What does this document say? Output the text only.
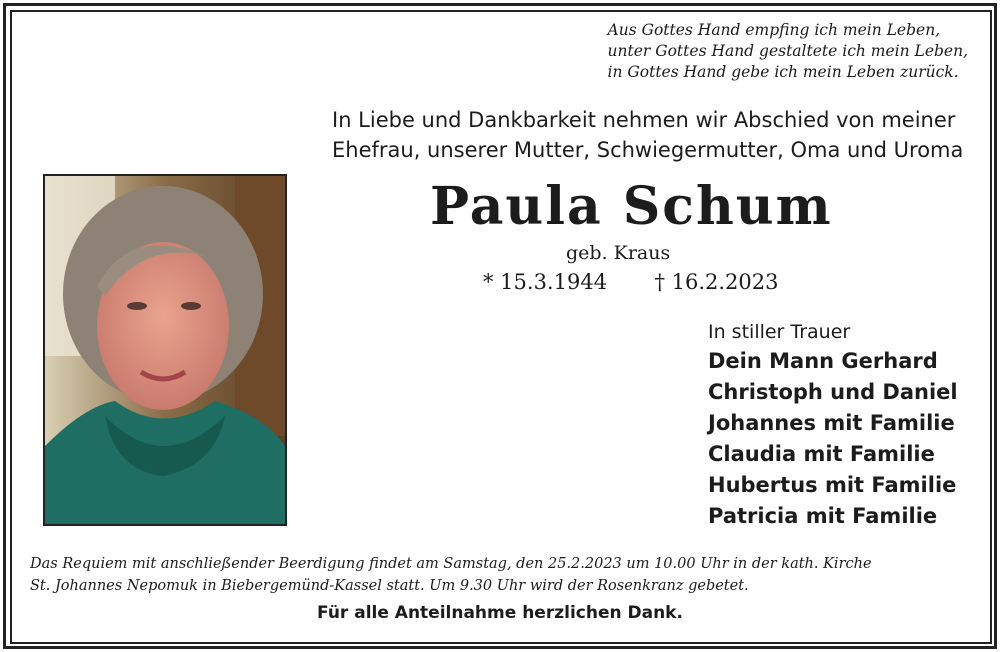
Aus Gottes Hand empfing ich mein Leben,
unter Gottes Hand gestaltete ich mein Leben,
in Gottes Hand gebe ich mein Leben zurück.
In Liebe und Dankbarkeit nehmen wir Abschied von meiner
Ehefrau, unserer Mutter, Schwiegermutter, Oma und Uroma
Paula Schum
geb. Kraus
* 15.3.1944 † 16.2.2023
In stiller Trauer
Dein Mann Gerhard
Christoph und Daniel
Johannes mit Familie
Claudia mit Familie
Hubertus mit Familie
Patricia mit Familie
Das Requiem mit anschließender Beerdigung findet am Samstag, den 25.2.2023 um 10.00 Uhr in der kath. Kirche
St. Johannes Nepomuk in Biebergemünd-Kassel statt. Um 9.30 Uhr wird der Rosenkranz gebetet.
Für alle Anteilnahme herzlichen Dank.
